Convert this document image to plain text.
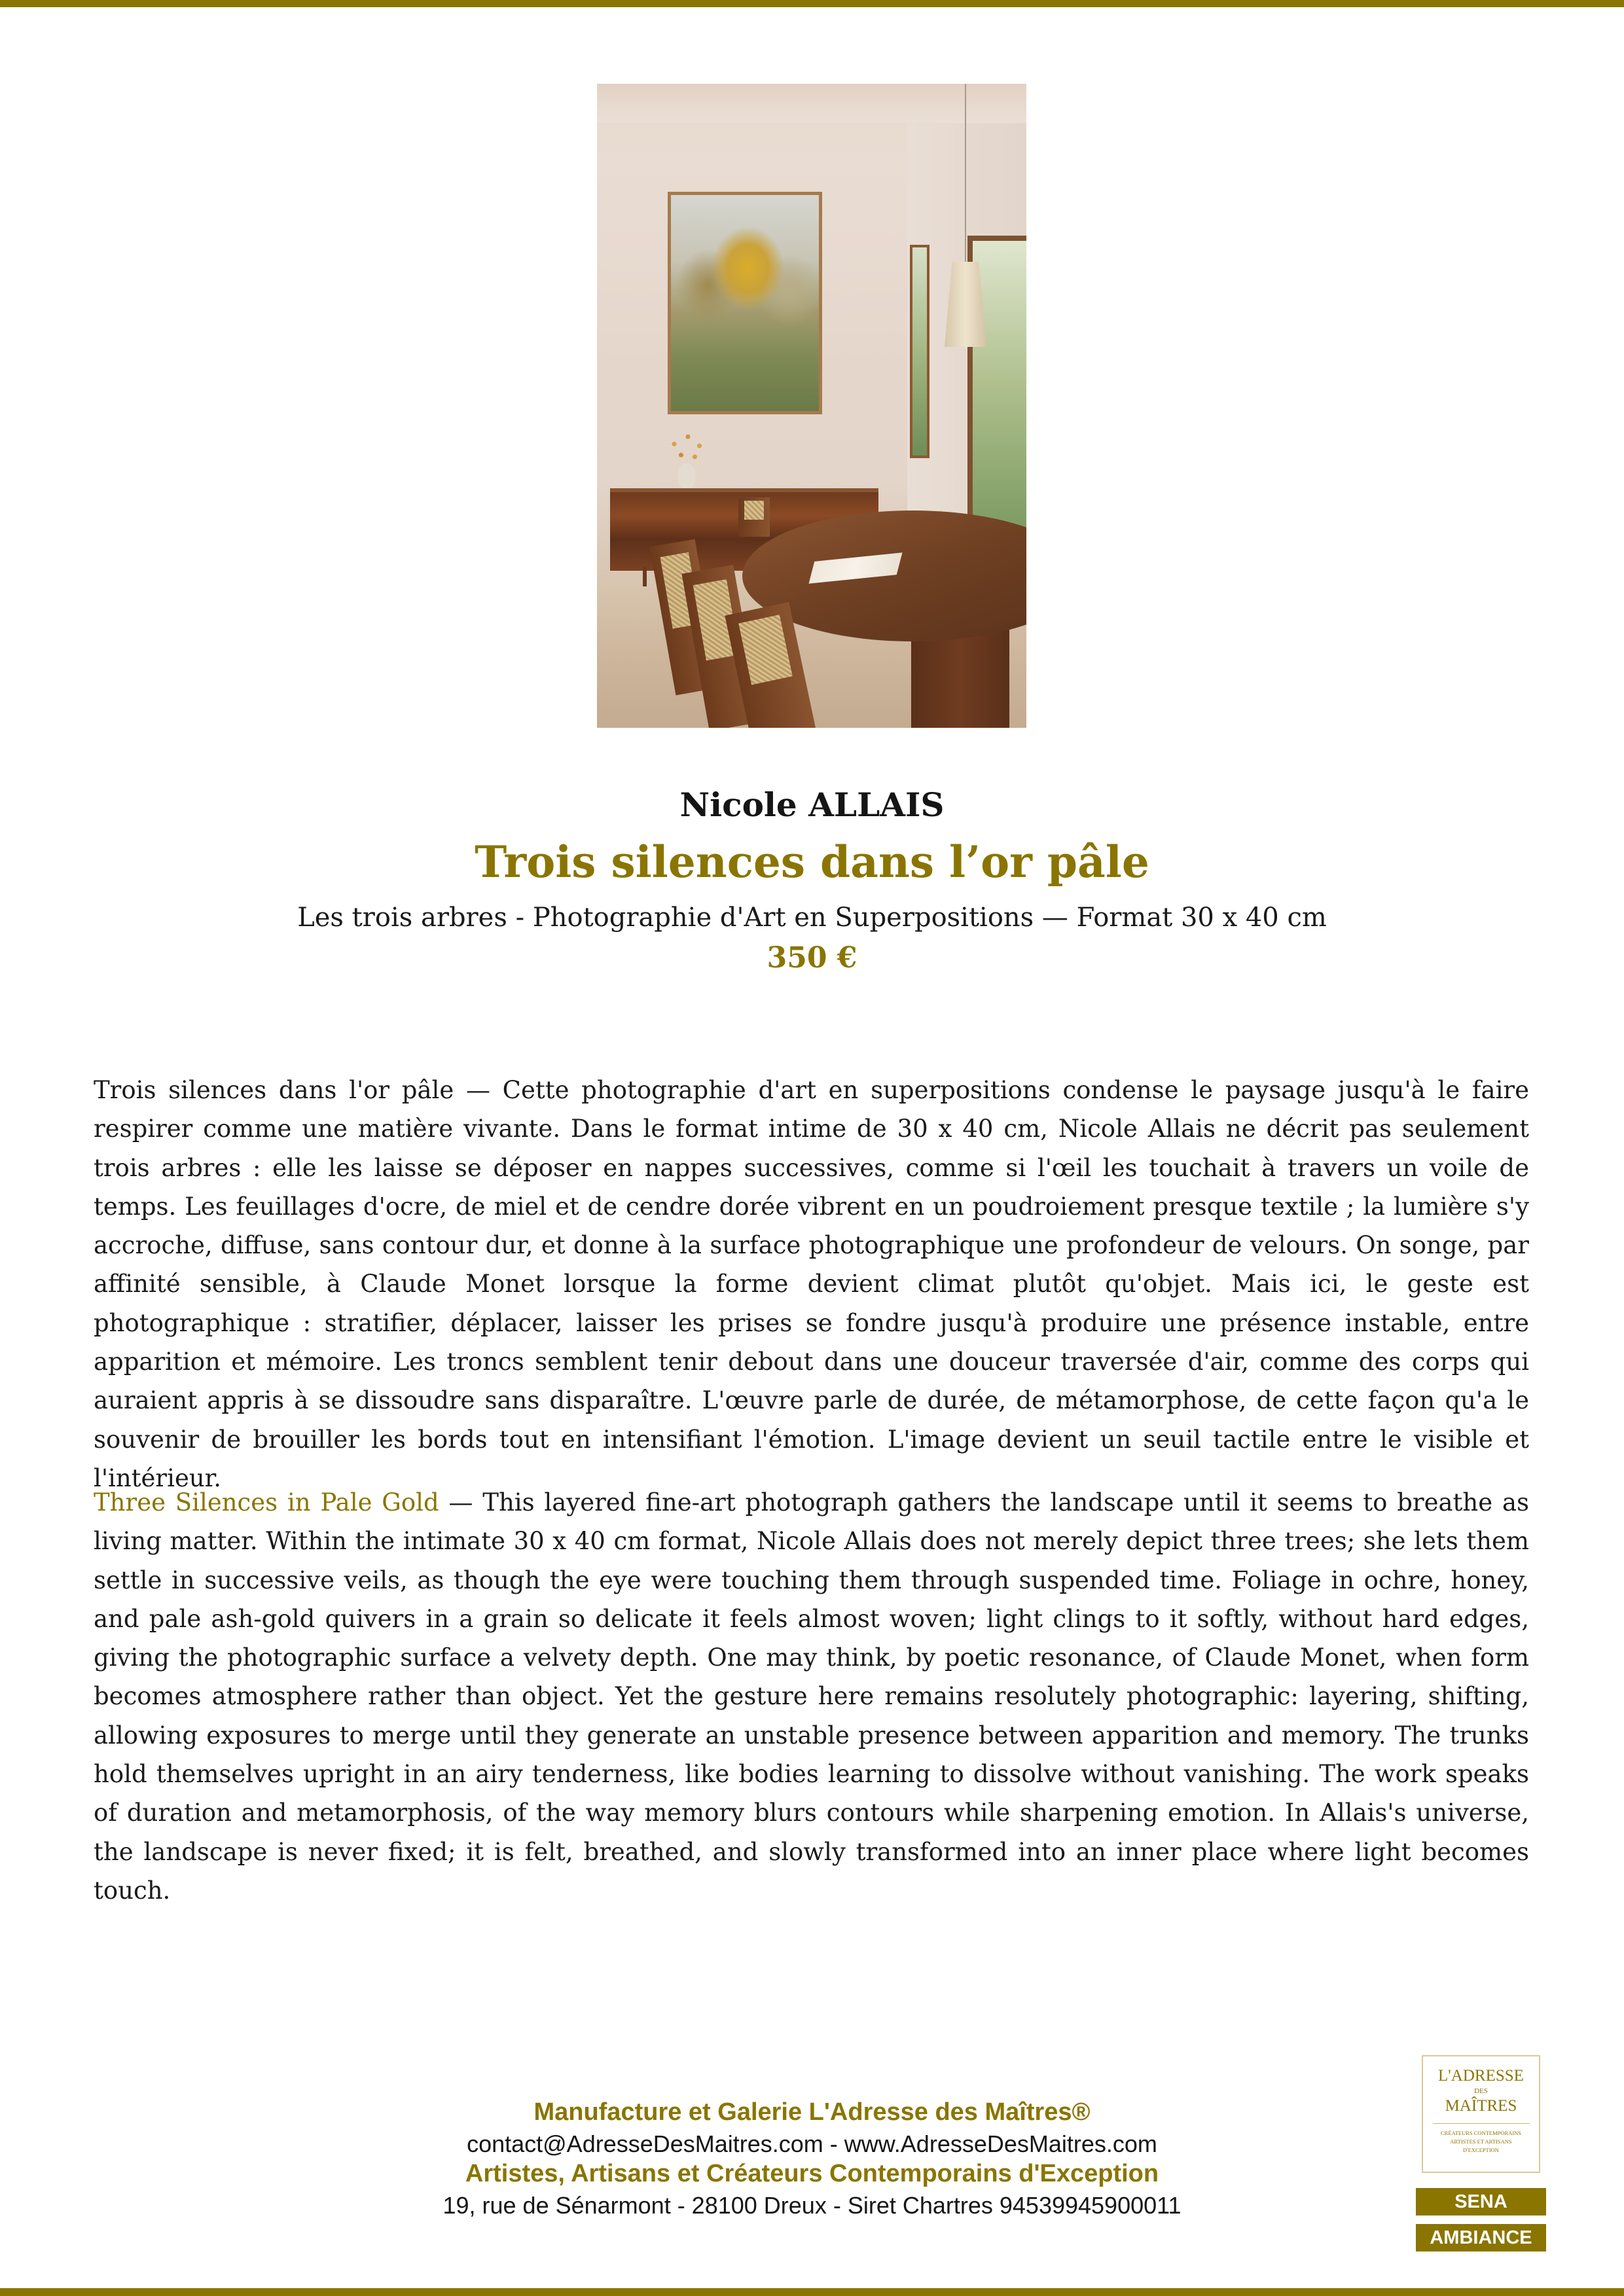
Nicole ALLAIS
Trois silences dans l’or pâle
Les trois arbres - Photographie d'Art en Superpositions — Format 30 x 40 cm
350 €

Trois silences dans l'or pâle — Cette photographie d'art en superpositions condense le paysage jusqu'à le faire respirer comme une matière vivante. Dans le format intime de 30 x 40 cm, Nicole Allais ne décrit pas seulement trois arbres : elle les laisse se déposer en nappes successives, comme si l'œil les touchait à travers un voile de temps. Les feuillages d'ocre, de miel et de cendre dorée vibrent en un poudroiement presque textile ; la lumière s'y accroche, diffuse, sans contour dur, et donne à la surface photographique une profondeur de velours. On songe, par affinité sensible, à Claude Monet lorsque la forme devient climat plutôt qu'objet. Mais ici, le geste est photographique : stratifier, déplacer, laisser les prises se fondre jusqu'à produire une présence instable, entre apparition et mémoire. Les troncs semblent tenir debout dans une douceur traversée d'air, comme des corps qui auraient appris à se dissoudre sans disparaître. L'œuvre parle de durée, de métamorphose, de cette façon qu'a le souvenir de brouiller les bords tout en intensifiant l'émotion. L'image devient un seuil tactile entre le visible et l'intérieur.

Three Silences in Pale Gold — This layered fine-art photograph gathers the landscape until it seems to breathe as living matter. Within the intimate 30 x 40 cm format, Nicole Allais does not merely depict three trees; she lets them settle in successive veils, as though the eye were touching them through suspended time. Foliage in ochre, honey, and pale ash-gold quivers in a grain so delicate it feels almost woven; light clings to it softly, without hard edges, giving the photographic surface a velvety depth. One may think, by poetic resonance, of Claude Monet, when form becomes atmosphere rather than object. Yet the gesture here remains resolutely photographic: layering, shifting, allowing exposures to merge until they generate an unstable presence between apparition and memory. The trunks hold themselves upright in an airy tenderness, like bodies learning to dissolve without vanishing. The work speaks of duration and metamorphosis, of the way memory blurs contours while sharpening emotion. In Allais's universe, the landscape is never fixed; it is felt, breathed, and slowly transformed into an inner place where light becomes touch.

Manufacture et Galerie L'Adresse des Maîtres®
contact@AdresseDesMaitres.com - www.AdresseDesMaitres.com
Artistes, Artisans et Créateurs Contemporains d'Exception
19, rue de Sénarmont - 28100 Dreux - Siret Chartres 94539945900011
L'ADRESSE
DES
MAÎTRES
CRÉATEURS CONTEMPORAINS
ARTISTES ET ARTISANS
D'EXCEPTION
SENA
AMBIANCE
